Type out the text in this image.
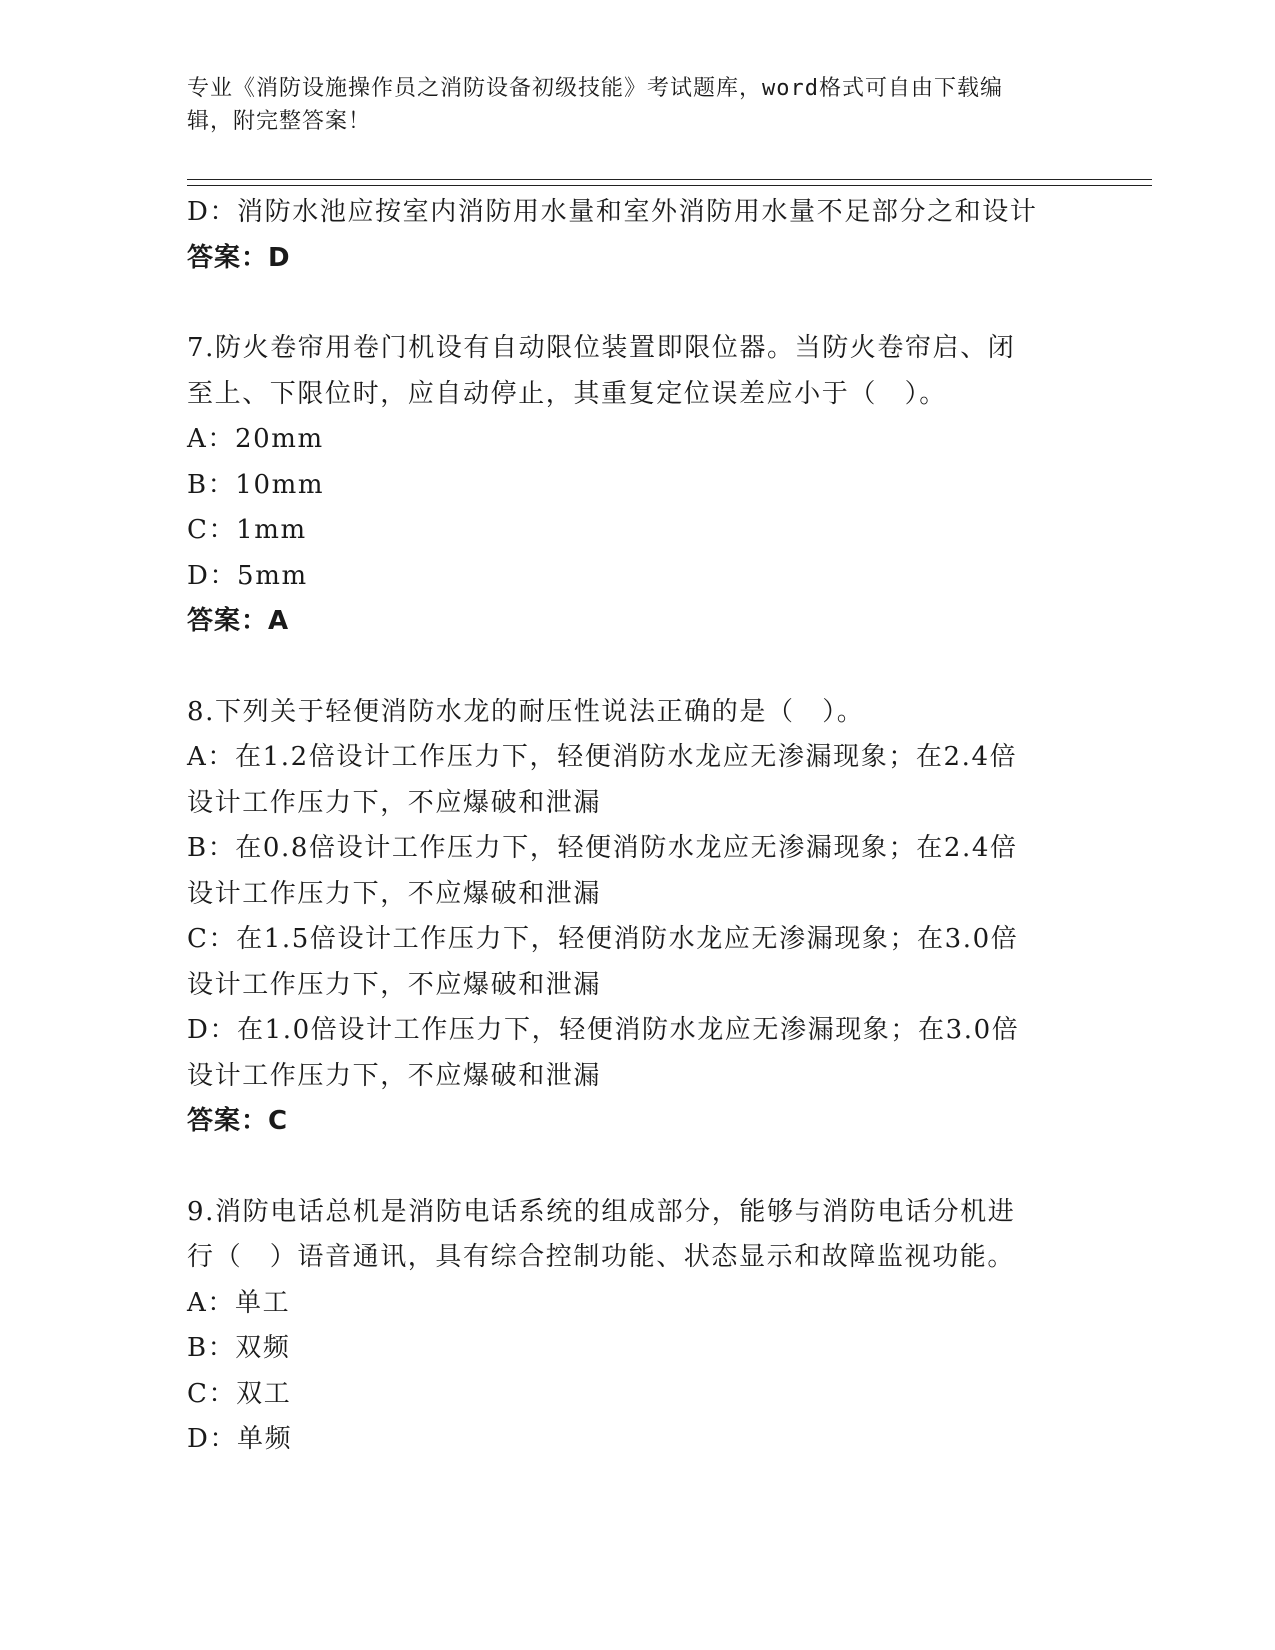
专业《消防设施操作员之消防设备初级技能》考试题库，word格式可自由下载编
辑，附完整答案！
D：消防水池应按室内消防用水量和室外消防用水量不足部分之和设计
答案：D
7.防火卷帘用卷门机设有自动限位装置即限位器。当防火卷帘启、闭
至上、下限位时，应自动停止，其重复定位误差应小于（　）。
A：20mm
B：10mm
C：1mm
D：5mm
答案：A
8.下列关于轻便消防水龙的耐压性说法正确的是（　）。
A：在1.2倍设计工作压力下，轻便消防水龙应无渗漏现象；在2.4倍
设计工作压力下，不应爆破和泄漏
B：在0.8倍设计工作压力下，轻便消防水龙应无渗漏现象；在2.4倍
设计工作压力下，不应爆破和泄漏
C：在1.5倍设计工作压力下，轻便消防水龙应无渗漏现象；在3.0倍
设计工作压力下，不应爆破和泄漏
D：在1.0倍设计工作压力下，轻便消防水龙应无渗漏现象；在3.0倍
设计工作压力下，不应爆破和泄漏
答案：C
9.消防电话总机是消防电话系统的组成部分，能够与消防电话分机进
行（　）语音通讯，具有综合控制功能、状态显示和故障监视功能。
A：单工
B：双频
C：双工
D：单频
